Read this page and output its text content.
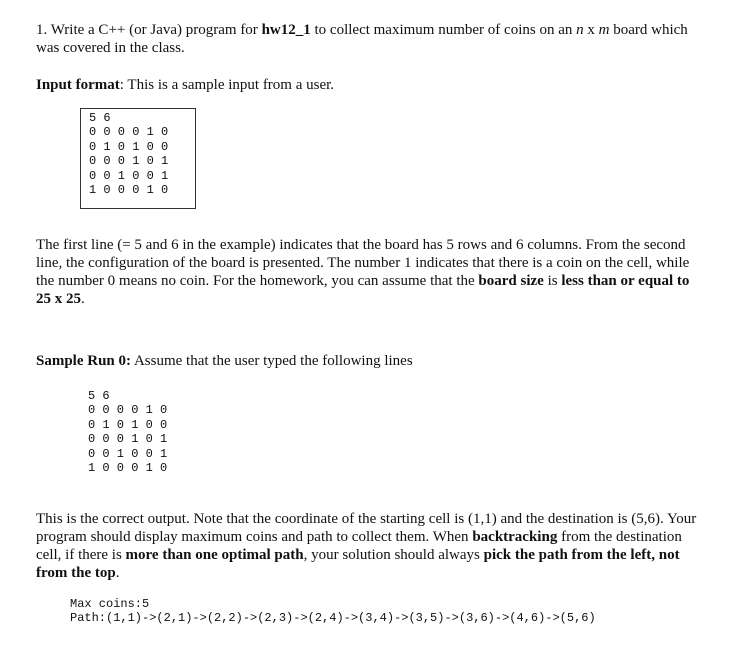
1. Write a C++ (or Java) program for hw12_1 to collect maximum number of coins on an n x m board which was covered in the class.

Input format: This is a sample input from a user.

5 6
0 0 0 0 1 0
0 1 0 1 0 0
0 0 0 1 0 1
0 0 1 0 0 1
1 0 0 0 1 0

The first line (= 5 and 6 in the example) indicates that the board has 5 rows and 6 columns. From the second line, the configuration of the board is presented. The number 1 indicates that there is a coin on the cell, while the number 0 means no coin. For the homework, you can assume that the board size is less than or equal to 25 x 25.

Sample Run 0: Assume that the user typed the following lines

5 6
0 0 0 0 1 0
0 1 0 1 0 0
0 0 0 1 0 1
0 0 1 0 0 1
1 0 0 0 1 0

This is the correct output. Note that the coordinate of the starting cell is (1,1) and the destination is (5,6). Your program should display maximum coins and path to collect them. When backtracking from the destination cell, if there is more than one optimal path, your solution should always pick the path from the left, not from the top.

Max coins:5
Path:(1,1)->(2,1)->(2,2)->(2,3)->(2,4)->(3,4)->(3,5)->(3,6)->(4,6)->(5,6)
